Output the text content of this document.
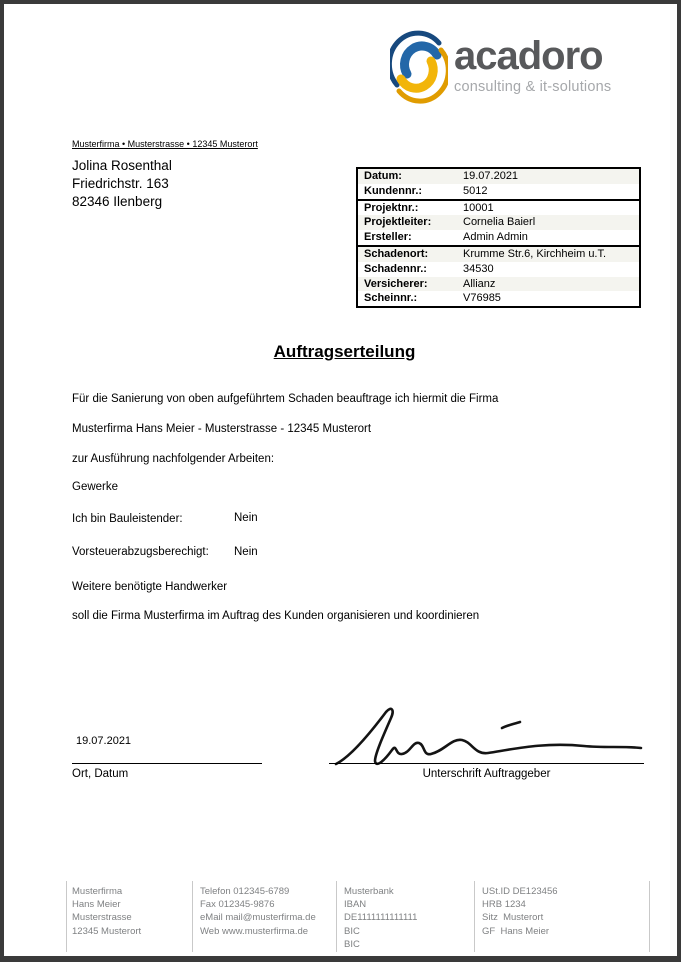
acadoro
consulting & it-solutions
Musterfirma • Musterstrasse • 12345 Musterort
Jolina Rosenthal
Friedrichstr. 163
82346 Ilenberg
Datum:	19.07.2021
Kundennr.:	5012
Projektnr.:	10001
Projektleiter:	Cornelia Baierl
Ersteller:	Admin Admin
Schadenort:	Krumme Str.6, Kirchheim u.T.
Schadennr.:	34530
Versicherer:	Allianz
Scheinnr.:	V76985
Auftragserteilung
Für die Sanierung von oben aufgeführtem Schaden beauftrage ich hiermit die Firma
Musterfirma Hans Meier - Musterstrasse - 12345 Musterort
zur Ausführung nachfolgender Arbeiten:
Gewerke
Ich bin Bauleistender:	Nein
Vorsteuerabzugsberechigt: Nein
Weitere benötigte Handwerker
soll die Firma Musterfirma im Auftrag des Kunden organisieren und koordinieren
19.07.2021
Ort, Datum	Unterschrift Auftraggeber
Musterfirma
Hans Meier
Musterstrasse
12345 Musterort
Telefon 012345-6789
Fax 012345-9876
eMail mail@musterfirma.de
Web www.musterfirma.de
Musterbank
IBAN
DE1111111111111
BIC
BIC
USt.ID DE123456
HRB 1234
Sitz  Musterort
GF  Hans Meier
